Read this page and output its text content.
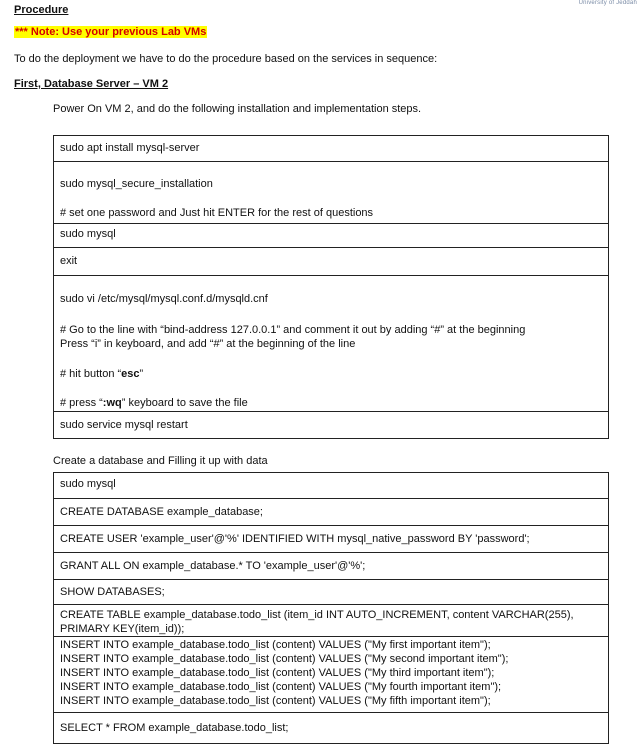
University of Jeddah
Procedure
*** Note: Use your previous Lab VMs
To do the deployment we have to do the procedure based on the services in sequence:
First, Database Server – VM 2
Power On VM 2, and do the following installation and implementation steps.
sudo apt install mysql-server
sudo mysql_secure_installation
# set one password and Just hit ENTER for the rest of questions
sudo mysql
exit
sudo vi /etc/mysql/mysql.conf.d/mysqld.cnf
# Go to the line with “bind-address 127.0.0.1” and comment it out by adding “#” at the beginning
Press “i” in keyboard, and add “#” at the beginning of the line
# hit button “esc”
# press “:wq” keyboard to save the file
sudo service mysql restart
Create a database and Filling it up with data
sudo mysql
CREATE DATABASE example_database;
CREATE USER 'example_user'@'%' IDENTIFIED WITH mysql_native_password BY 'password';
GRANT ALL ON example_database.* TO 'example_user'@'%';
SHOW DATABASES;
CREATE TABLE example_database.todo_list (item_id INT AUTO_INCREMENT, content VARCHAR(255),
PRIMARY KEY(item_id));
INSERT INTO example_database.todo_list (content) VALUES ("My first important item");
INSERT INTO example_database.todo_list (content) VALUES ("My second important item");
INSERT INTO example_database.todo_list (content) VALUES ("My third important item");
INSERT INTO example_database.todo_list (content) VALUES ("My fourth important item");
INSERT INTO example_database.todo_list (content) VALUES ("My fifth important item");
SELECT * FROM example_database.todo_list;
